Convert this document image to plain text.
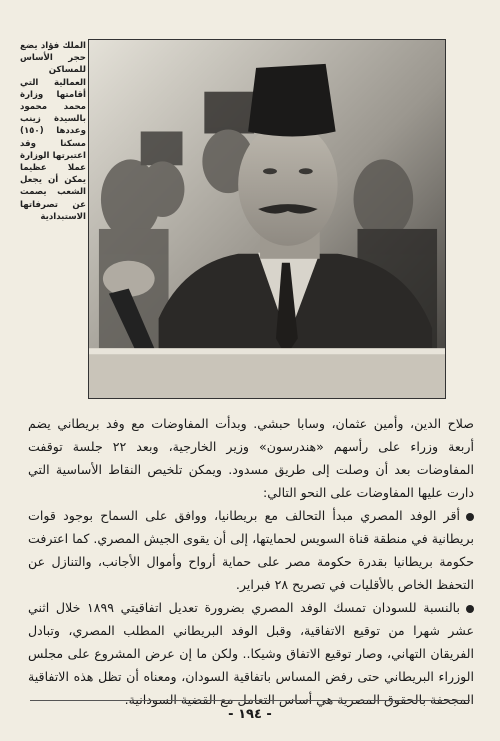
الملك فؤاد يضع حجر الأساس للمساكن العمالية التي أقامتها وزارة محمد محمود بالسيدة زينب وعددها (١٥٠) مسكنا وقد اعتبرتها الوزارة عملا عظيما يمكن أن يجعل الشعب يصمت عن تصرفاتها الاستبدادية

صلاح الدين، وأمين عثمان، وسابا حبشي. وبدأت المفاوضات مع وفد بريطاني يضم أربعة وزراء على رأسهم «هندرسون» وزير الخارجية، وبعد ٢٢ جلسة توقفت المفاوضات بعد أن وصلت إلى طريق مسدود. ويمكن تلخيص النقاط الأساسية التي دارت عليها المفاوضات على النحو التالي:

أقر الوفد المصري مبدأ التحالف مع بريطانيا، ووافق على السماح بوجود قوات بريطانية في منطقة قناة السويس لحمايتها، إلى أن يقوى الجيش المصري. كما اعترفت حكومة بريطانيا بقدرة حكومة مصر على حماية أرواح وأموال الأجانب، والتنازل عن التحفظ الخاص بالأقليات في تصريح ٢٨ فبراير.

بالنسبة للسودان تمسك الوفد المصري بضرورة تعديل اتفاقيتي ١٨٩٩ خلال اثني عشر شهرا من توقيع الاتفاقية، وقبل الوفد البريطاني المطلب المصري، وتبادل الفريقان التهاني، وصار توقيع الاتفاق وشيكا.. ولكن ما إن عرض المشروع على مجلس الوزراء البريطاني حتى رفض المساس باتفاقية السودان، ومعناه أن تظل هذه الاتفاقية المجحفة بالحقوق المصرية هي أساس التعامل مع القضية السودانية.

- ١٩٤ -
